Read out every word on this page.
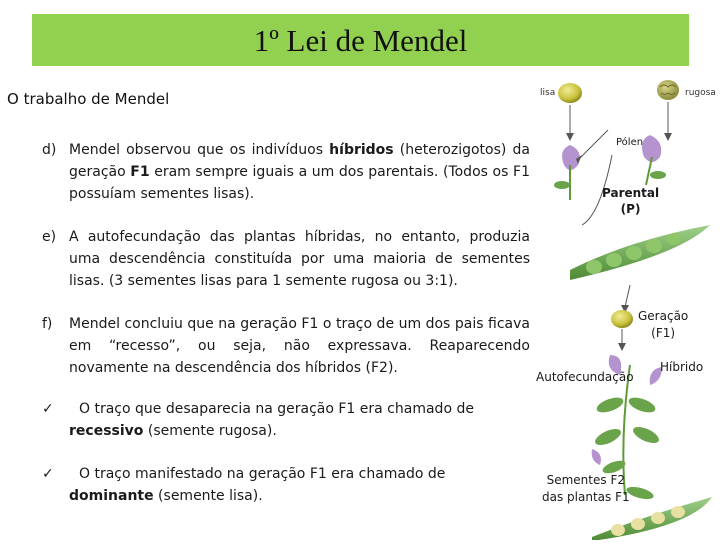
1º Lei de Mendel
O trabalho de Mendel
d) Mendel observou que os indivíduos híbridos (heterozigotos) da geração F1 eram sempre iguais a um dos parentais. (Todos os F1 possuíam sementes lisas).
e) A autofecundação das plantas híbridas, no entanto, produzia uma descendência constituída por uma maioria de sementes lisas. (3 sementes lisas para 1 semente rugosa ou 3:1).
f) Mendel concluiu que na geração F1 o traço de um dos pais ficava em “recesso”, ou seja, não expressava. Reaparecendo novamente na descendência dos híbridos (F2).
✓	O traço que desaparecia na geração F1 era chamado de recessivo (semente rugosa).
✓	O traço manifestado na geração F1 era chamado de dominante (semente lisa).
lisa	rugosa
Pólen
Parental
(P)
Geração
(F1)
Híbrido
Autofecundação
Sementes F2
das plantas F1
